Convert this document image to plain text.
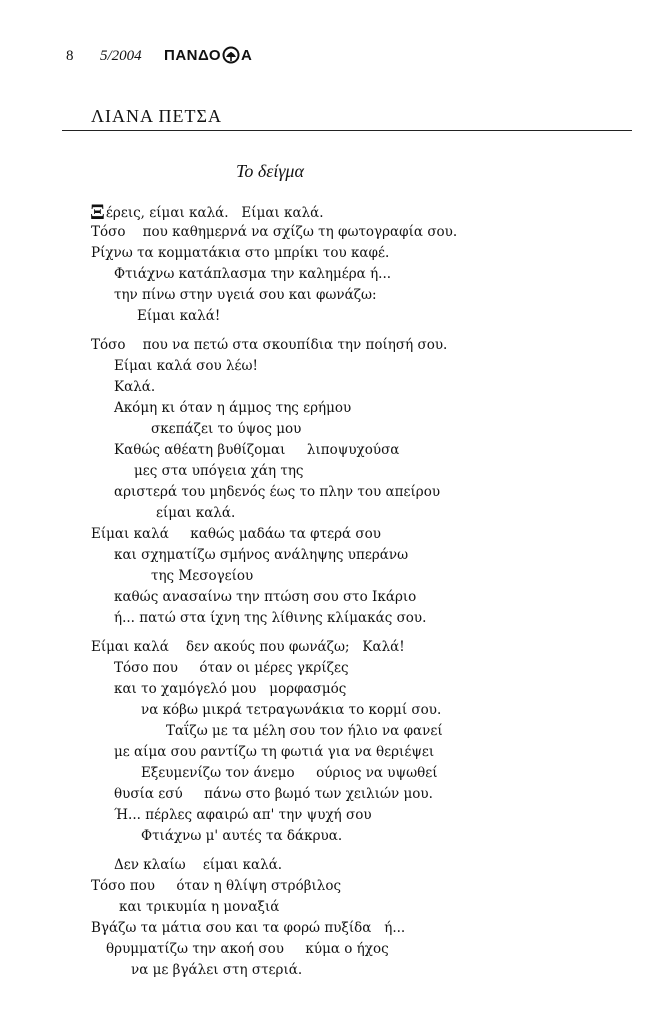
8 5/2004 ΠΑΝΔΟ Α
ΛΙΑΝΑ ΠΕΤΣΑ
Το δείγμα
Ξέρεις, είμαι καλά.   Είμαι καλά.
Τόσο    που καθημερνά να σχίζω τη φωτογραφία σου.
Ρίχνω τα κομματάκια στο μπρίκι του καφέ.
Φτιάχνω κατάπλασμα την καλημέρα ή...
την πίνω στην υγειά σου και φωνάζω:
Είμαι καλά!
Τόσο    που να πετώ στα σκουπίδια την ποίησή σου.
Είμαι καλά σου λέω!
Καλά.
Ακόμη κι όταν η άμμος της ερήμου
σκεπάζει το ύψος μου
Καθώς αθέατη βυθίζομαι     λιποψυχούσα
μες στα υπόγεια χάη της
αριστερά του μηδενός έως το πλην του απείρου
είμαι καλά.
Είμαι καλά     καθώς μαδάω τα φτερά σου
και σχηματίζω σμήνος ανάληψης υπεράνω
της Μεσογείου
καθώς ανασαίνω την πτώση σου στο Ικάριο
ή... πατώ στα ίχνη της λίθινης κλίμακάς σου.
Είμαι καλά    δεν ακούς που φωνάζω;   Καλά!
Τόσο που     όταν οι μέρες γκρίζες
και το χαμόγελό μου   μορφασμός
να κόβω μικρά τετραγωνάκια το κορμί σου.
Ταΐζω με τα μέλη σου τον ήλιο να φανεί
με αίμα σου ραντίζω τη φωτιά για να θεριέψει
Εξευμενίζω τον άνεμο     ούριος να υψωθεί
θυσία εσύ     πάνω στο βωμό των χειλιών μου.
Ή... πέρλες αφαιρώ απ' την ψυχή σου
Φτιάχνω μ' αυτές τα δάκρυα.
Δεν κλαίω    είμαι καλά.
Τόσο που     όταν η θλίψη στρόβιλος
και τρικυμία η μοναξιά
Βγάζω τα μάτια σου και τα φορώ πυξίδα   ή...
θρυμματίζω την ακοή σου     κύμα ο ήχος
να με βγάλει στη στεριά.
